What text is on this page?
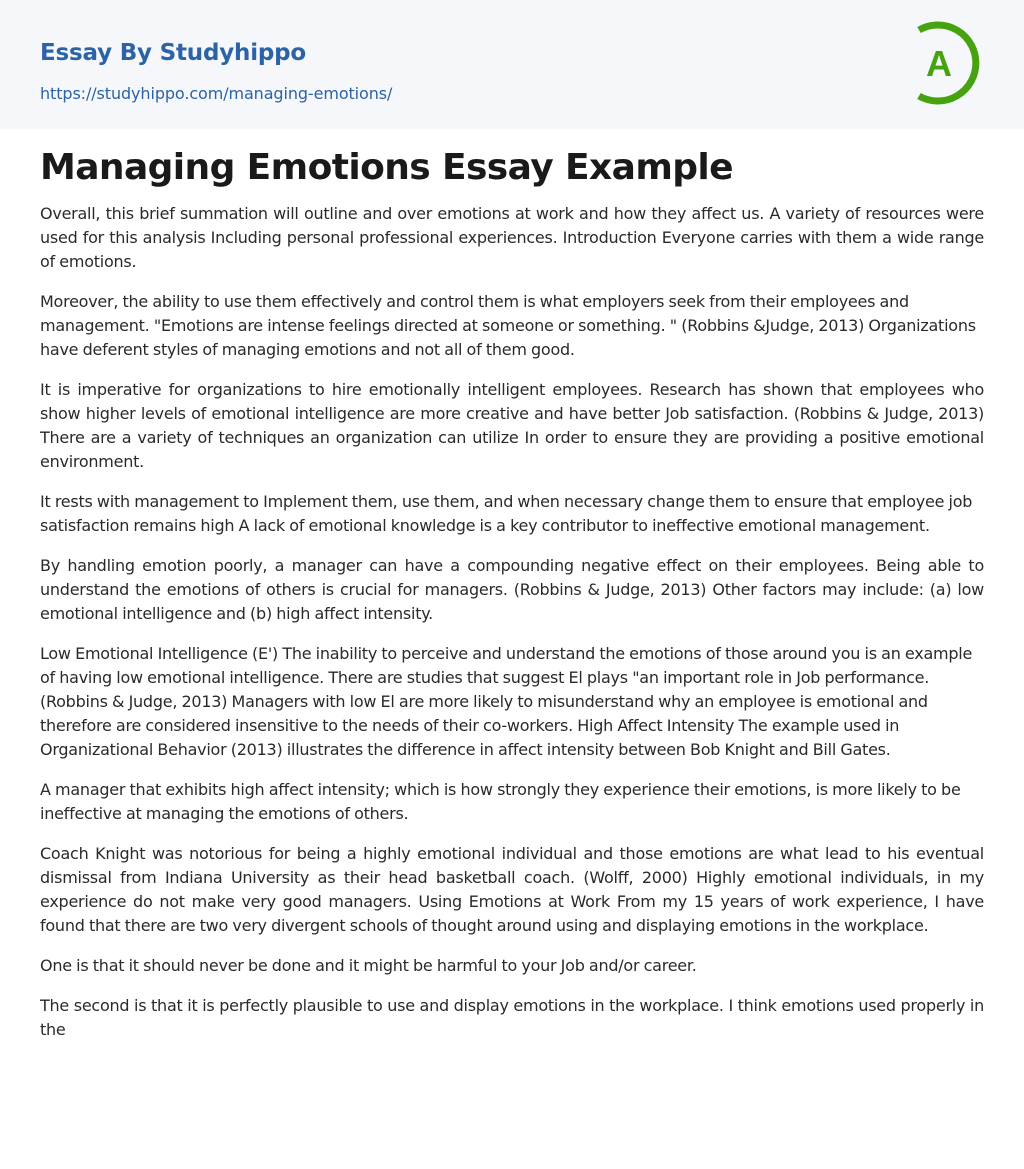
Essay By Studyhippo
https://studyhippo.com/managing-emotions/
A
Managing Emotions Essay Example

Overall, this brief summation will outline and over emotions at work and how they affect us. A variety of resources were used for this analysis Including personal professional experiences. Introduction Everyone carries with them a wide range of emotions.

Moreover, the ability to use them effectively and control them is what employers seek from their employees and management. "Emotions are intense feelings directed at someone or something. " (Robbins &Judge, 2013) Organizations have deferent styles of managing emotions and not all of them good.

It is imperative for organizations to hire emotionally intelligent employees. Research has shown that employees who show higher levels of emotional intelligence are more creative and have better Job satisfaction. (Robbins & Judge, 2013) There are a variety of techniques an organization can utilize In order to ensure they are providing a positive emotional environment.

It rests with management to Implement them, use them, and when necessary change them to ensure that employee job satisfaction remains high A lack of emotional knowledge is a key contributor to ineffective emotional management.

By handling emotion poorly, a manager can have a compounding negative effect on their employees. Being able to understand the emotions of others is crucial for managers. (Robbins & Judge, 2013) Other factors may include: (a) low emotional intelligence and (b) high affect intensity.

Low Emotional Intelligence (E') The inability to perceive and understand the emotions of those around you is an example of having low emotional intelligence. There are studies that suggest El plays "an important role in Job performance. (Robbins & Judge, 2013) Managers with low El are more likely to misunderstand why an employee is emotional and therefore are considered insensitive to the needs of their co-workers. High Affect Intensity The example used in Organizational Behavior (2013) illustrates the difference in affect intensity between Bob Knight and Bill Gates.

A manager that exhibits high affect intensity; which is how strongly they experience their emotions, is more likely to be ineffective at managing the emotions of others.

Coach Knight was notorious for being a highly emotional individual and those emotions are what lead to his eventual dismissal from Indiana University as their head basketball coach. (Wolff, 2000) Highly emotional individuals, in my experience do not make very good managers. Using Emotions at Work From my 15 years of work experience, I have found that there are two very divergent schools of thought around using and displaying emotions in the workplace.

One is that it should never be done and it might be harmful to your Job and/or career.

The second is that it is perfectly plausible to use and display emotions in the workplace. I think emotions used properly in the
